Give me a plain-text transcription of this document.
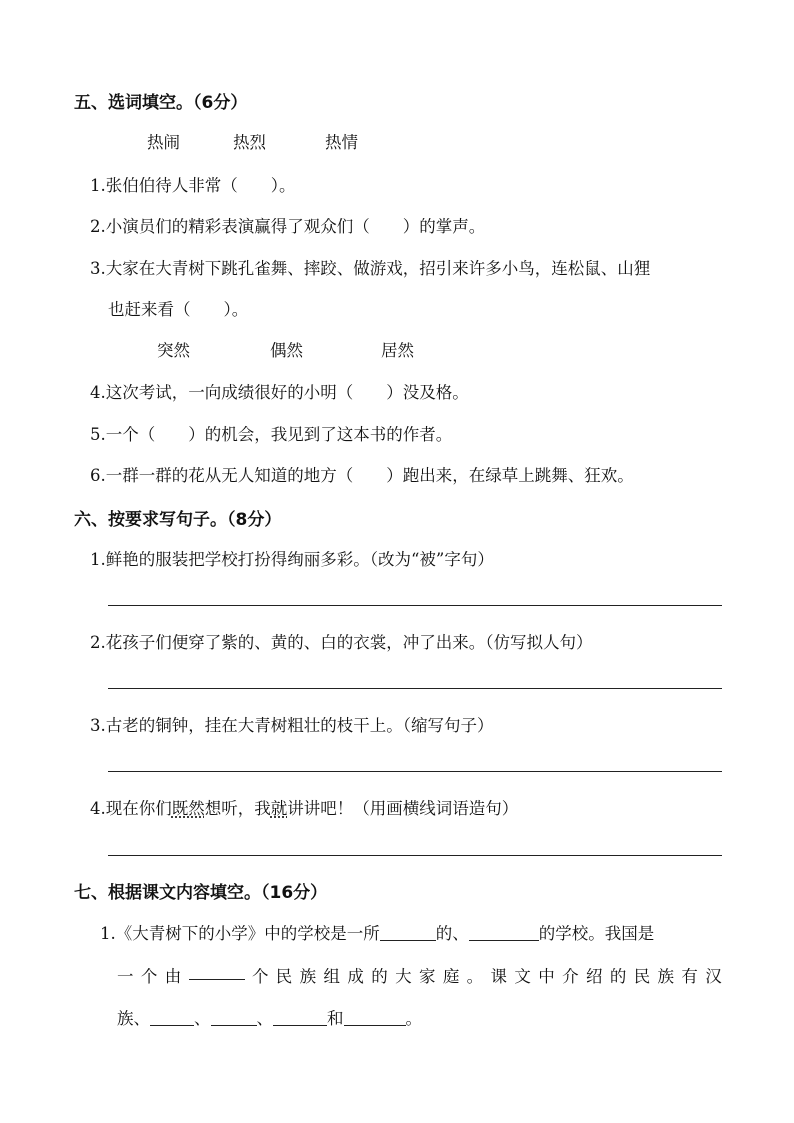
五、选词填空。（6分）
热闹	热烈	热情
1.张伯伯待人非常（　　）。
2.小演员们的精彩表演赢得了观众们（　　）的掌声。
3.大家在大青树下跳孔雀舞、摔跤、做游戏，招引来许多小鸟，连松鼠、山狸
也赶来看（　　）。
突然	偶然	居然
4.这次考试，一向成绩很好的小明（　　）没及格。
5.一个（　　）的机会，我见到了这本书的作者。
6.一群一群的花从无人知道的地方（　　）跑出来，在绿草上跳舞、狂欢。
六、按要求写句子。（8分）
1.鲜艳的服装把学校打扮得绚丽多彩。（改为“被”字句）
2.花孩子们便穿了紫的、黄的、白的衣裳，冲了出来。（仿写拟人句）
3.古老的铜钟，挂在大青树粗壮的枝干上。（缩写句子）
4.现在你们既然想听，我就讲讲吧！（用画横线词语造句）
七、根据课文内容填空。（16分）
1.《大青树下的小学》中的学校是一所	的、	的学校。我国是
一 个 由	个 民 族 组 成 的 大 家 庭 。 课 文 中 介 绍 的 民 族 有 汉
族、	、	、	和	。
